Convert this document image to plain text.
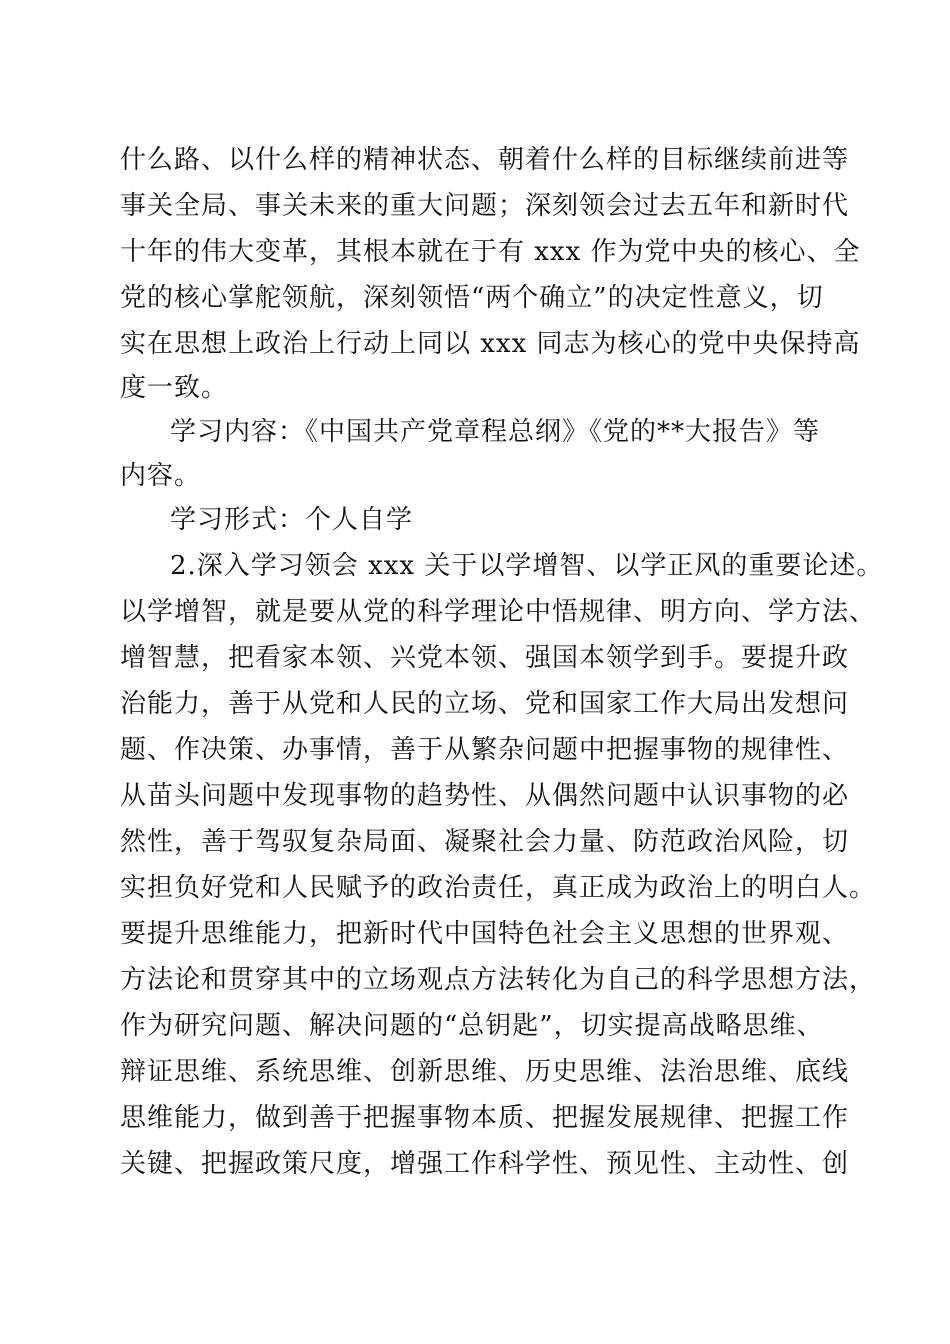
什么路、以什么样的精神状态、朝着什么样的目标继续前进等
事关全局、事关未来的重大问题；深刻领会过去五年和新时代
十年的伟大变革，其根本就在于有 xxx 作为党中央的核心、全
党的核心掌舵领航，深刻领悟“两个确立”的决定性意义，切
实在思想上政治上行动上同以 xxx 同志为核心的党中央保持高
度一致。
学习内容：《中国共产党章程总纲》《党的**大报告》等
内容。
学习形式：个人自学
2.深入学习领会 xxx 关于以学增智、以学正风的重要论述。
以学增智，就是要从党的科学理论中悟规律、明方向、学方法、
增智慧，把看家本领、兴党本领、强国本领学到手。要提升政
治能力，善于从党和人民的立场、党和国家工作大局出发想问
题、作决策、办事情，善于从繁杂问题中把握事物的规律性、
从苗头问题中发现事物的趋势性、从偶然问题中认识事物的必
然性，善于驾驭复杂局面、凝聚社会力量、防范政治风险，切
实担负好党和人民赋予的政治责任，真正成为政治上的明白人。
要提升思维能力，把新时代中国特色社会主义思想的世界观、
方法论和贯穿其中的立场观点方法转化为自己的科学思想方法，
作为研究问题、解决问题的“总钥匙”，切实提高战略思维、
辩证思维、系统思维、创新思维、历史思维、法治思维、底线
思维能力，做到善于把握事物本质、把握发展规律、把握工作
关键、把握政策尺度，增强工作科学性、预见性、主动性、创
